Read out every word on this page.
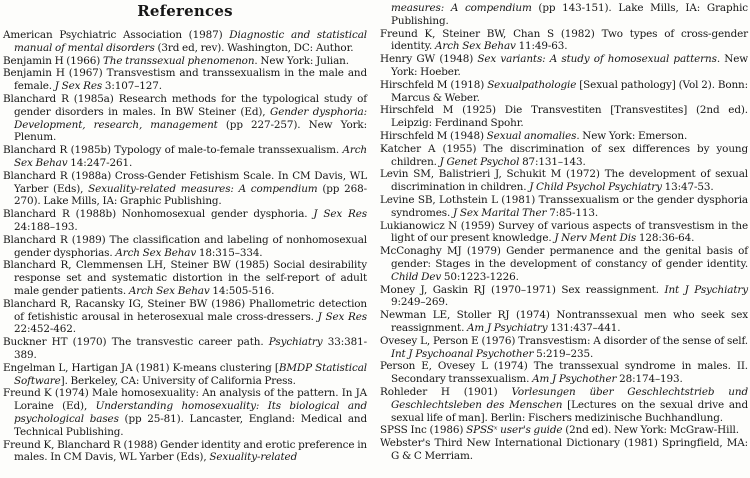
References

American Psychiatric Association (1987) Diagnostic and statistical manual of mental disorders (3rd ed, rev). Washington, DC: Author.

Benjamin H (1966) The transsexual phenomenon. New York: Julian.

Benjamin H (1967) Transvestism and transsexualism in the male and female. J Sex Res 3:107–127.

Blanchard R (1985a) Research methods for the typological study of gender disorders in males. In BW Steiner (Ed), Gender dysphoria: Development, research, management (pp 227-257). New York: Plenum.

Blanchard R (1985b) Typology of male-to-female transsexualism. Arch Sex Behav 14:247-261.

Blanchard R (1988a) Cross-Gender Fetishism Scale. In CM Davis, WL Yarber (Eds), Sexuality-related measures: A compendium (pp 268-270). Lake Mills, IA: Graphic Publishing.

Blanchard R (1988b) Nonhomosexual gender dysphoria. J Sex Res 24:188–193.

Blanchard R (1989) The classification and labeling of nonhomosexual gender dysphorias. Arch Sex Behav 18:315–334.

Blanchard R, Clemmensen LH, Steiner BW (1985) Social desirability response set and systematic distortion in the self-report of adult male gender patients. Arch Sex Behav 14:505-516.

Blanchard R, Racansky IG, Steiner BW (1986) Phallometric detection of fetishistic arousal in heterosexual male cross-dressers. J Sex Res 22:452-462.

Buckner HT (1970) The transvestic career path. Psychiatry 33:381-389.

Engelman L, Hartigan JA (1981) K-means clustering [BMDP Statistical Software]. Berkeley, CA: University of California Press.

Freund K (1974) Male homosexuality: An analysis of the pattern. In JA Loraine (Ed), Understanding homosexuality: Its biological and psychological bases (pp 25-81). Lancaster, England: Medical and Technical Publishing.

Freund K, Blanchard R (1988) Gender identity and erotic preference in males. In CM Davis, WL Yarber (Eds), Sexuality-related

measures: A compendium (pp 143-151). Lake Mills, IA: Graphic Publishing.

Freund K, Steiner BW, Chan S (1982) Two types of cross-gender identity. Arch Sex Behav 11:49-63.

Henry GW (1948) Sex variants: A study of homosexual patterns. New York: Hoeber.

Hirschfeld M (1918) Sexualpathologie [Sexual pathology] (Vol 2). Bonn: Marcus & Weber.

Hirschfeld M (1925) Die Transvestiten [Transvestites] (2nd ed). Leipzig: Ferdinand Spohr.

Hirschfeld M (1948) Sexual anomalies. New York: Emerson.

Katcher A (1955) The discrimination of sex differences by young children. J Genet Psychol 87:131–143.

Levin SM, Balistrieri J, Schukit M (1972) The development of sexual discrimination in children. J Child Psychol Psychiatry 13:47-53.

Levine SB, Lothstein L (1981) Transsexualism or the gender dysphoria syndromes. J Sex Marital Ther 7:85-113.

Lukianowicz N (1959) Survey of various aspects of transvestism in the light of our present knowledge. J Nerv Ment Dis 128:36-64.

McConaghy MJ (1979) Gender permanence and the genital basis of gender: Stages in the development of constancy of gender identity. Child Dev 50:1223-1226.

Money J, Gaskin RJ (1970–1971) Sex reassignment. Int J Psychiatry 9:249–269.

Newman LE, Stoller RJ (1974) Nontranssexual men who seek sex reassignment. Am J Psychiatry 131:437–441.

Ovesey L, Person E (1976) Transvestism: A disorder of the sense of self. Int J Psychoanal Psychother 5:219–235.

Person E, Ovesey L (1974) The transsexual syndrome in males. II. Secondary transsexualism. Am J Psychother 28:174–193.

Rohleder H (1901) Vorlesungen über Geschlechtstrieb und Geschlechtsleben des Menschen [Lectures on the sexual drive and sexual life of man]. Berlin: Fischers medizinische Buchhandlung.

SPSS Inc (1986) SPSSˣ user's guide (2nd ed). New York: McGraw-Hill.

Webster's Third New International Dictionary (1981) Springfield, MA: G & C Merriam.
